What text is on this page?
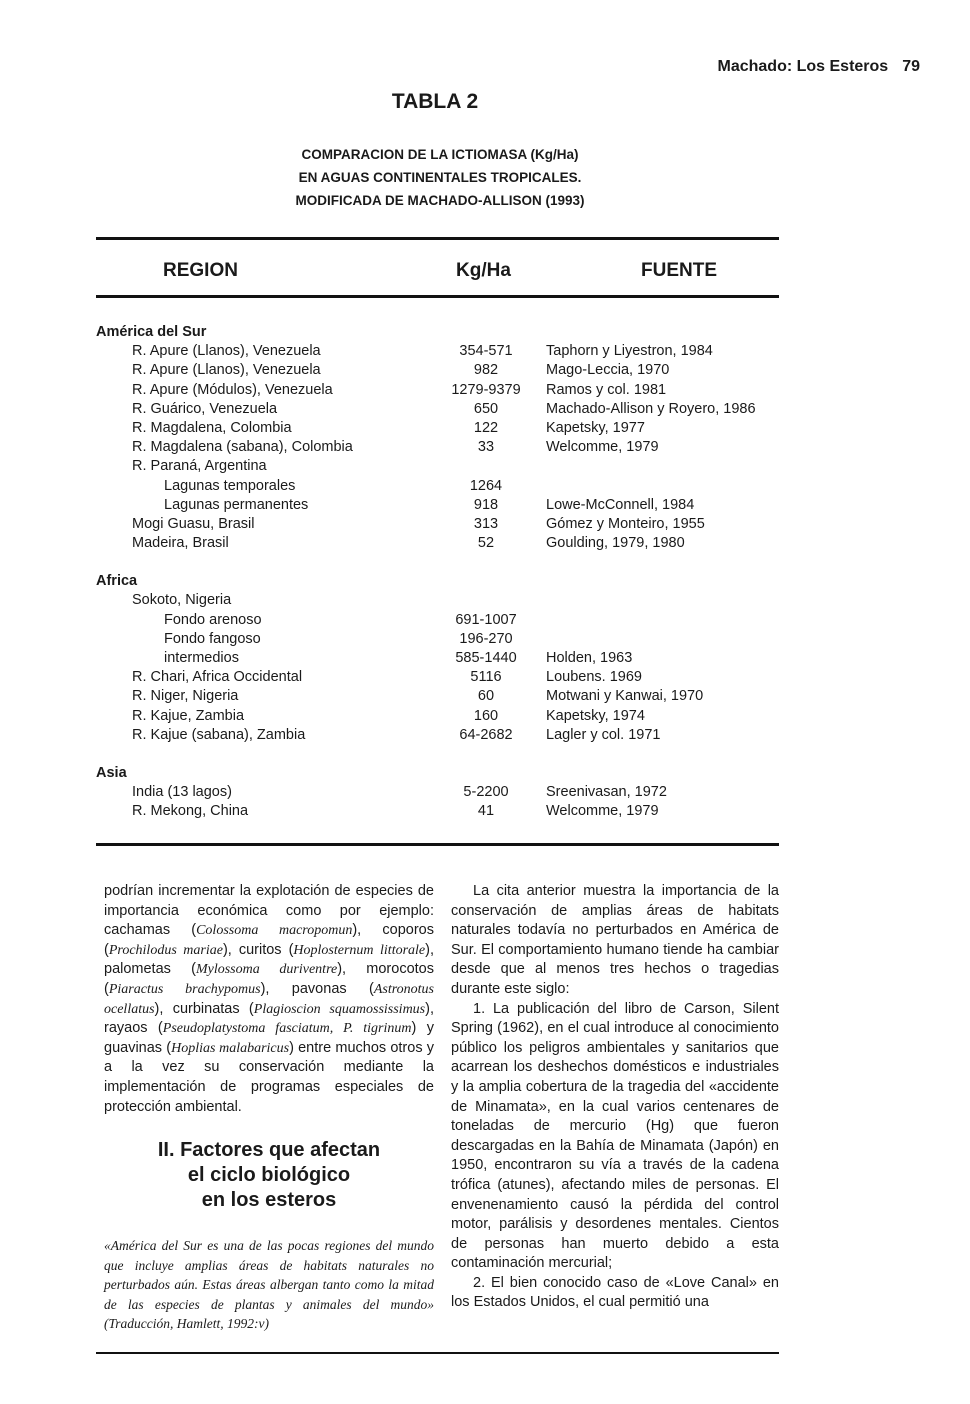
Machado: Los Esteros 79
TABLA 2
COMPARACION DE LA ICTIOMASA (Kg/Ha)
EN AGUAS CONTINENTALES TROPICALES.
MODIFICADA DE MACHADO-ALLISON (1993)
REGION	Kg/Ha	FUENTE
América del Sur
R. Apure (Llanos), Venezuela	354-571	Taphorn y Liyestron, 1984
R. Apure (Llanos), Venezuela	982	Mago-Leccia, 1970
R. Apure (Módulos), Venezuela	1279-9379	Ramos y col. 1981
R. Guárico, Venezuela	650	Machado-Allison y Royero, 1986
R. Magdalena, Colombia	122	Kapetsky, 1977
R. Magdalena (sabana), Colombia	33	Welcomme, 1979
R. Paraná, Argentina
Lagunas temporales	1264
Lagunas permanentes	918	Lowe-McConnell, 1984
Mogi Guasu, Brasil	313	Gómez y Monteiro, 1955
Madeira, Brasil	52	Goulding, 1979, 1980
Africa
Sokoto, Nigeria
Fondo arenoso	691-1007
Fondo fangoso	196-270
intermedios	585-1440	Holden, 1963
R. Chari, Africa Occidental	5116	Loubens. 1969
R. Niger, Nigeria	60	Motwani y Kanwai, 1970
R. Kajue, Zambia	160	Kapetsky, 1974
R. Kajue (sabana), Zambia	64-2682	Lagler y col. 1971
Asia
India (13 lagos)	5-2200	Sreenivasan, 1972
R. Mekong, China	41	Welcomme, 1979

podrían incrementar la explotación de especies de importancia económica como por ejemplo: cachamas (Colossoma macropomun), coporos (Prochilodus mariae), curitos (Hoplosternum littorale), palometas (Mylossoma duriventre), morocotos (Piaractus brachypomus), pavonas (Astronotus ocellatus), curbinatas (Plagioscion squamossissimus), rayaos (Pseudoplatystoma fasciatum, P. tigrinum) y guavinas (Hoplias malabaricus) entre muchos otros y a la vez su conservación mediante la implementación de programas especiales de protección ambiental.

II. Factores que afectan
el ciclo biológico
en los esteros
«América del Sur es una de las pocas regiones del mundo que incluye amplias áreas de habitats naturales no perturbados aún. Estas áreas albergan tanto como la mitad de las especies de plantas y animales del mundo» (Traducción, Hamlett, 1992:v)

La cita anterior muestra la importancia de la conservación de amplias áreas de habitats naturales todavía no perturbados en América de Sur. El comportamiento humano tiende ha cambiar desde que al menos tres hechos o tragedias durante este siglo:

1. La publicación del libro de Carson, Silent Spring (1962), en el cual introduce al conocimiento público los peligros ambientales y sanitarios que acarrean los deshechos domésticos e industriales y la amplia cobertura de la tragedia del «accidente de Minamata», en la cual varios centenares de toneladas de mercurio (Hg) que fueron descargadas en la Bahía de Minamata (Japón) en 1950, encontraron su vía a través de la cadena trófica (atunes), afectando miles de personas. El envenenamiento causó la pérdida del control motor, parálisis y desordenes mentales. Cientos de personas han muerto debido a esta contaminación mercurial;

2. El bien conocido caso de «Love Canal» en los Estados Unidos, el cual permitió una
